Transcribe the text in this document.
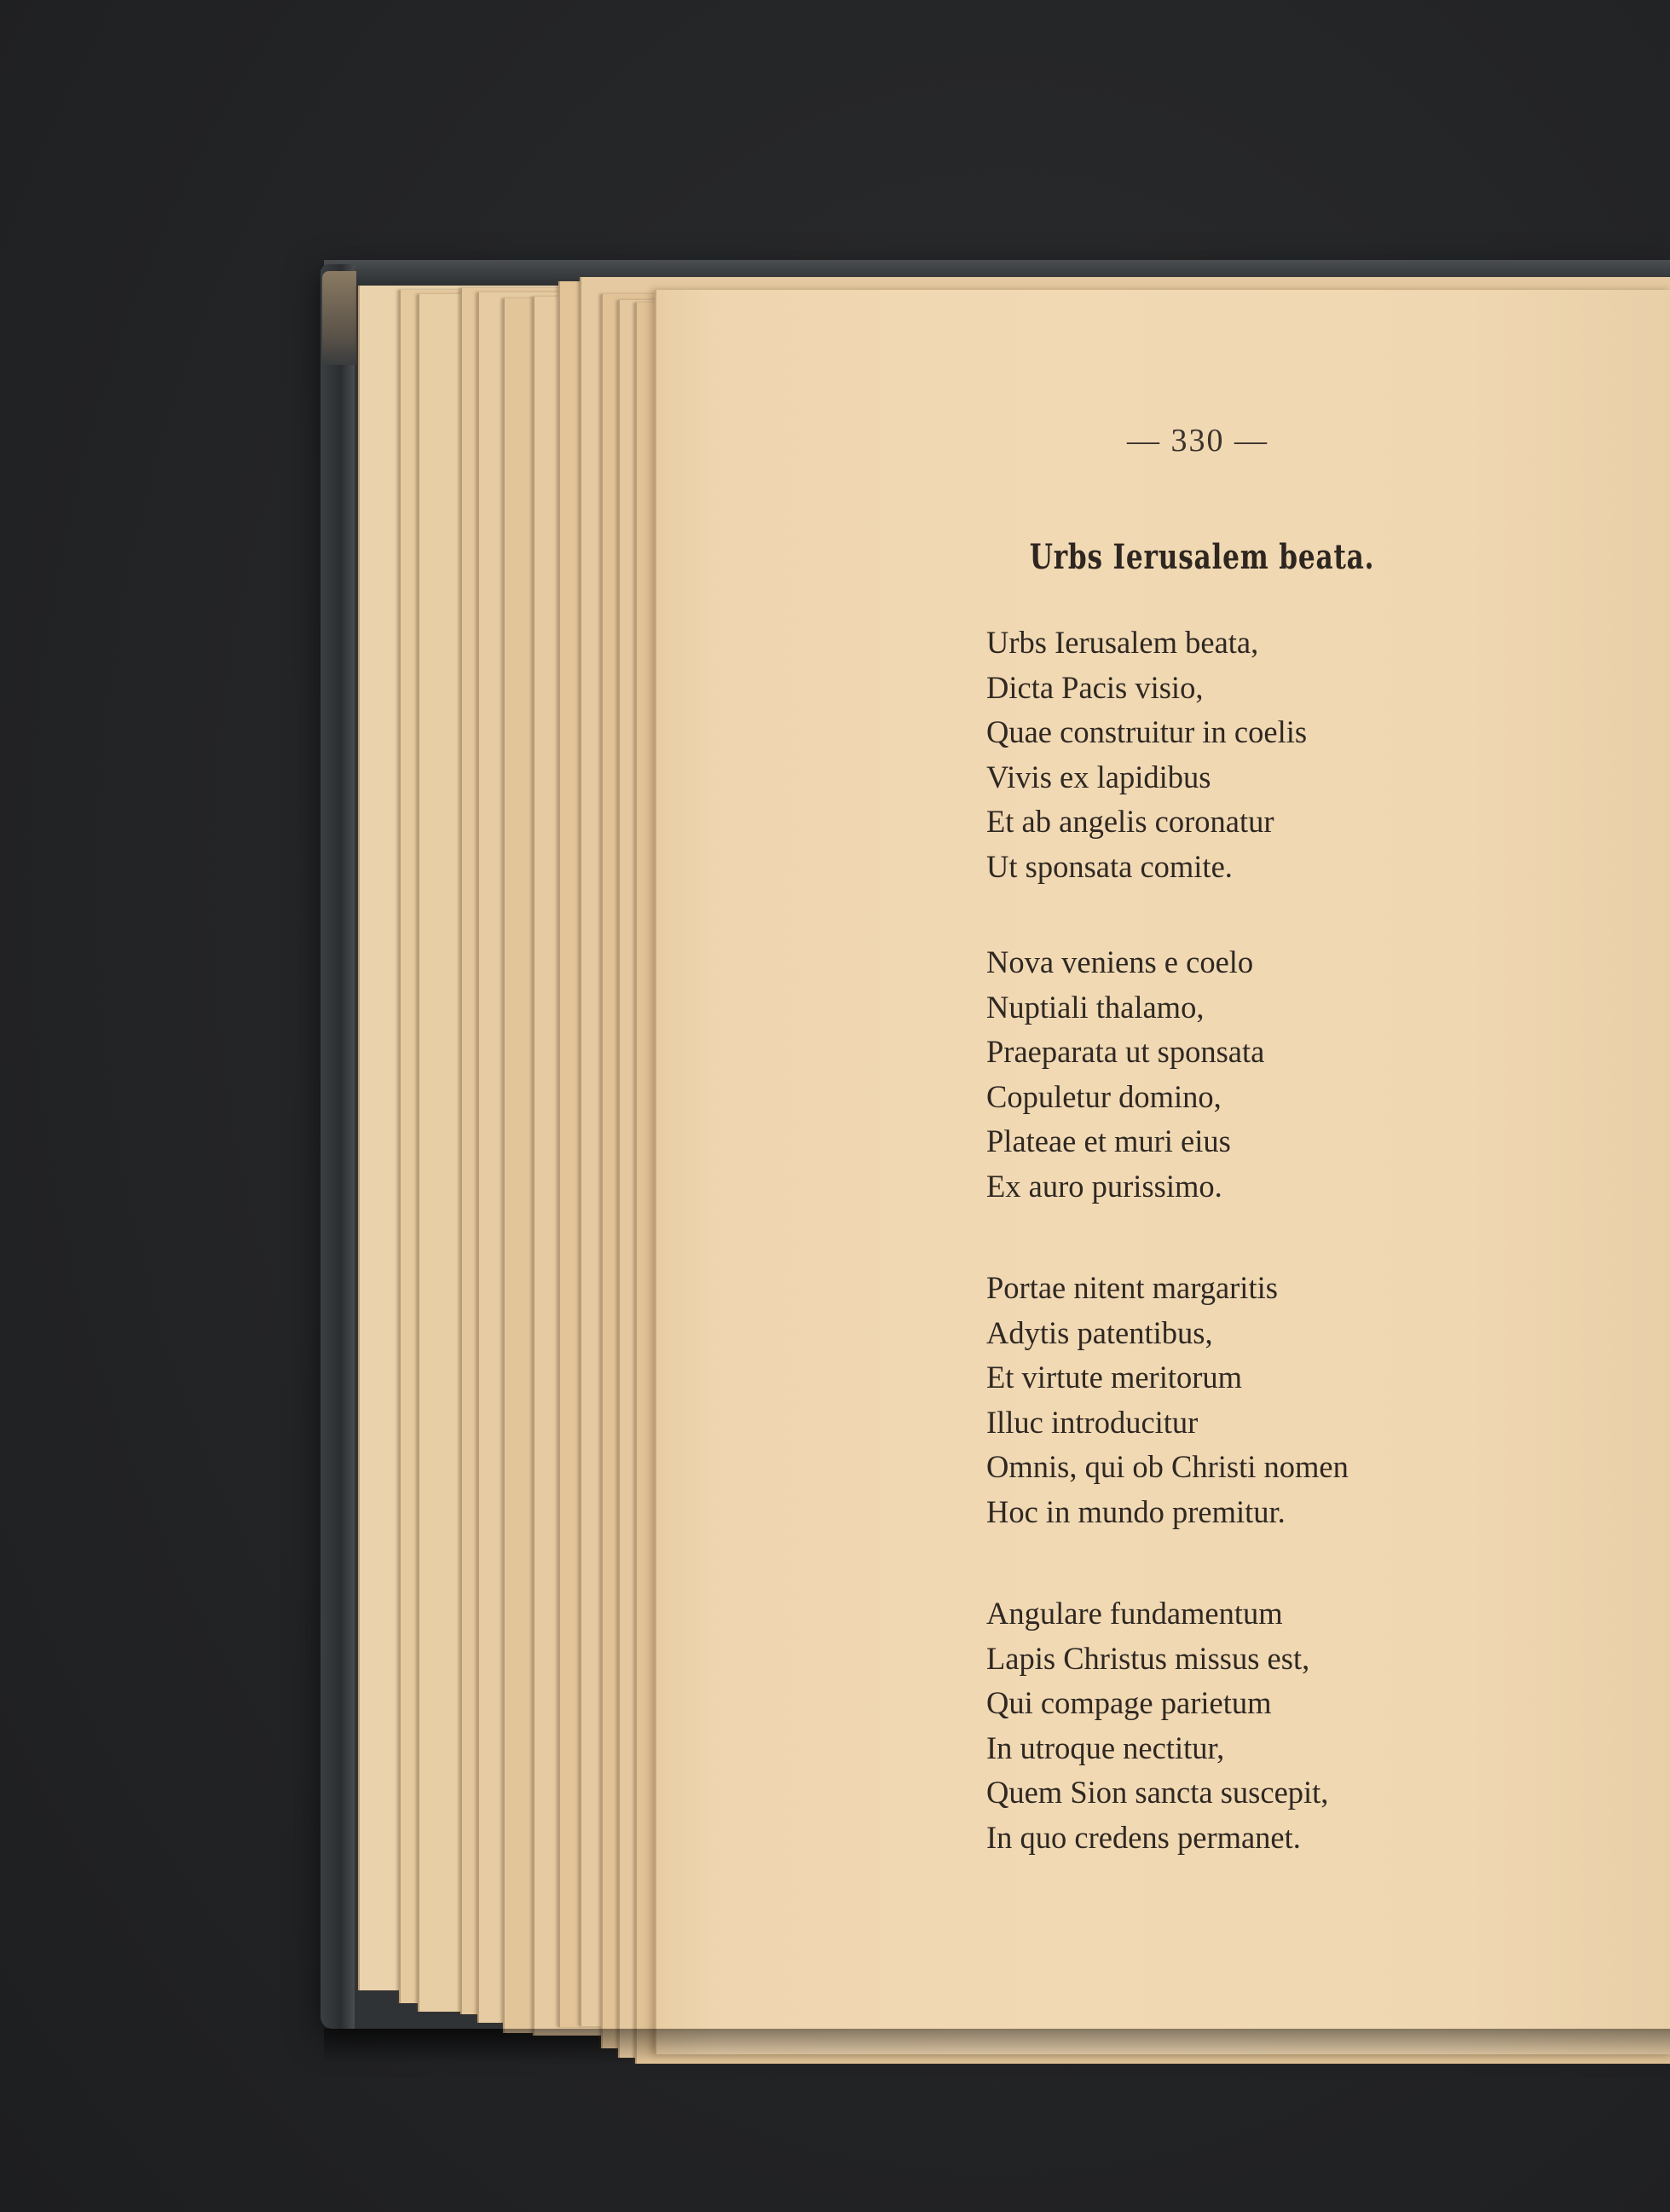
— 330 —
Urbs Ierusalem beata.
Urbs Ierusalem beata,
Dicta Pacis visio,
Quae construitur in coelis
Vivis ex lapidibus
Et ab angelis coronatur
Ut sponsata comite.
Nova veniens e coelo
Nuptiali thalamo,
Praeparata ut sponsata
Copuletur domino,
Plateae et muri eius
Ex auro purissimo.
Portae nitent margaritis
Adytis patentibus,
Et virtute meritorum
Illuc introducitur
Omnis, qui ob Christi nomen
Hoc in mundo premitur.
Angulare fundamentum
Lapis Christus missus est,
Qui compage parietum
In utroque nectitur,
Quem Sion sancta suscepit,
In quo credens permanet.
